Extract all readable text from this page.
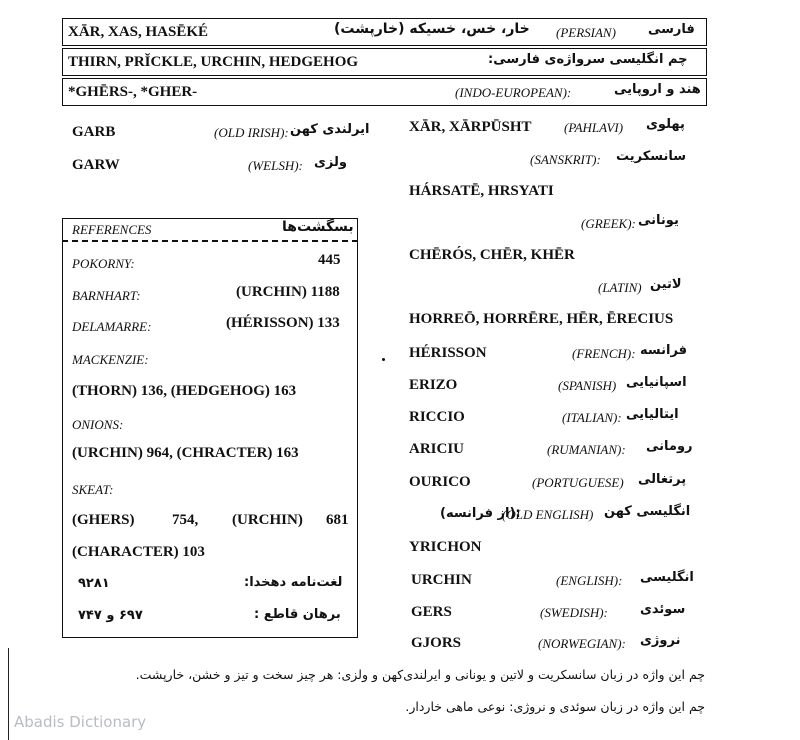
XĀR, XAS, HASĒKÉ	خار، خس، خسیکه (خارپشت) (PERSIAN) فارسی
THIRN, PRĬCKLE, URCHIN, HEDGEHOG	چم انگلیسی سرواژه‌ی فارسی:
*GHĒRS-, *GHER-	(INDO-EUROPEAN):	هند و اروپایی
GARB	(OLD IRISH): ایرلندی کهن
GARW	(WELSH): ولزی
REFERENCES	بسگشت‌ها
POKORNY:	445
BARNHART:	(URCHIN) 1188
DELAMARRE:	(HÉRISSON) 133
MACKENZIE:
(THORN) 136, (HEDGEHOG) 163
ONIONS:
(URCHIN) 964, (CHRACTER) 163
SKEAT:
(GHERS) 754, (URCHIN) 681
(CHARACTER) 103
۹۲۸۱	لغت‌نامه دهخدا:
۶۹۷ و ۷۴۷	برهان قاطع :
XĀR, XĀRPŪSHT (PAHLAVI) پهلوی
(SANSKRIT): سانسکریت
HÁRSATĒ, HRSYATI
(GREEK): یونانی
CHĒRÓS, CHĒR, KHĒR
(LATIN) لاتین
HORREŌ, HORRĒRE, HĒR, ĒRECIUS
HÉRISSON	(FRENCH): فرانسه
ERIZO	(SPANISH) اسپانیایی
RICCIO	(ITALIAN): ایتالیایی
ARICIU	(RUMANIAN): رومانی
OURICO	(PORTUGUESE) پرتغالی
:(از فرانسه)
(OLD ENGLISH) انگلیسی کهن
YRICHON
URCHIN	(ENGLISH): انگلیسی
GERS	(SWEDISH): سوئدی
GJORS	(NORWEGIAN): نروژی
چم این واژه در زبان سانسکریت و لاتین و یونانی و ایرلندی‌کهن و ولزی: هر چیز سخت و تیز و خشن، خارپشت.
چم این واژه در زبان سوئدی و نروژی: نوعی ماهی خاردار.
Abadis Dictionary
